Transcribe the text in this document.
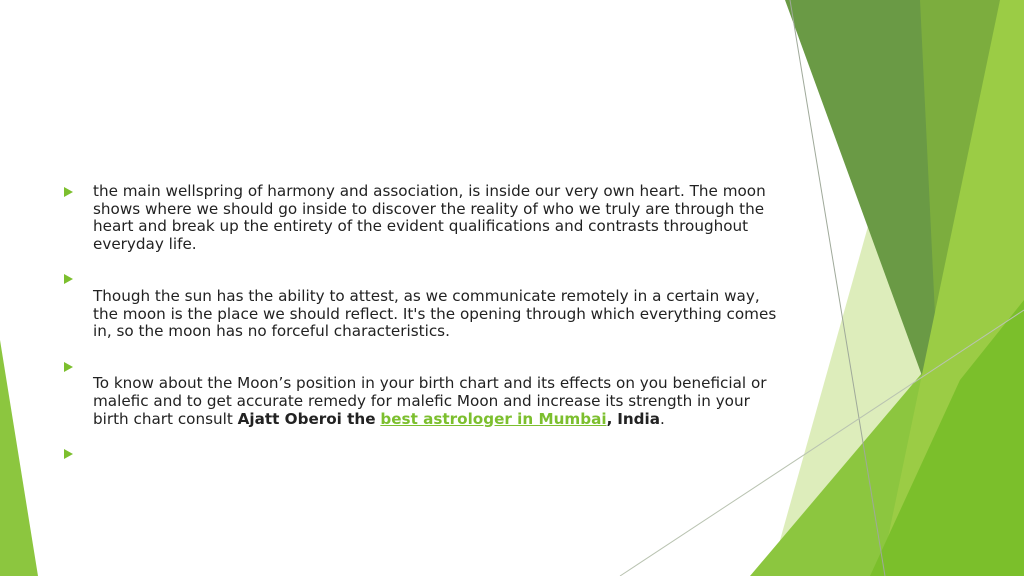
the main wellspring of harmony and association, is inside our very own heart. The moon shows where we should go inside to discover the reality of who we truly are through the heart and break up the entirety of the evident qualifications and contrasts throughout everyday life.
Though the sun has the ability to attest, as we communicate remotely in a certain way, the moon is the place we should reflect. It's the opening through which everything comes in, so the moon has no forceful characteristics.
To know about the Moon’s position in your birth chart and its effects on you beneficial or malefic and to get accurate remedy for malefic Moon and increase its strength in your birth chart consult Ajatt Oberoi the best astrologer in Mumbai, India.
